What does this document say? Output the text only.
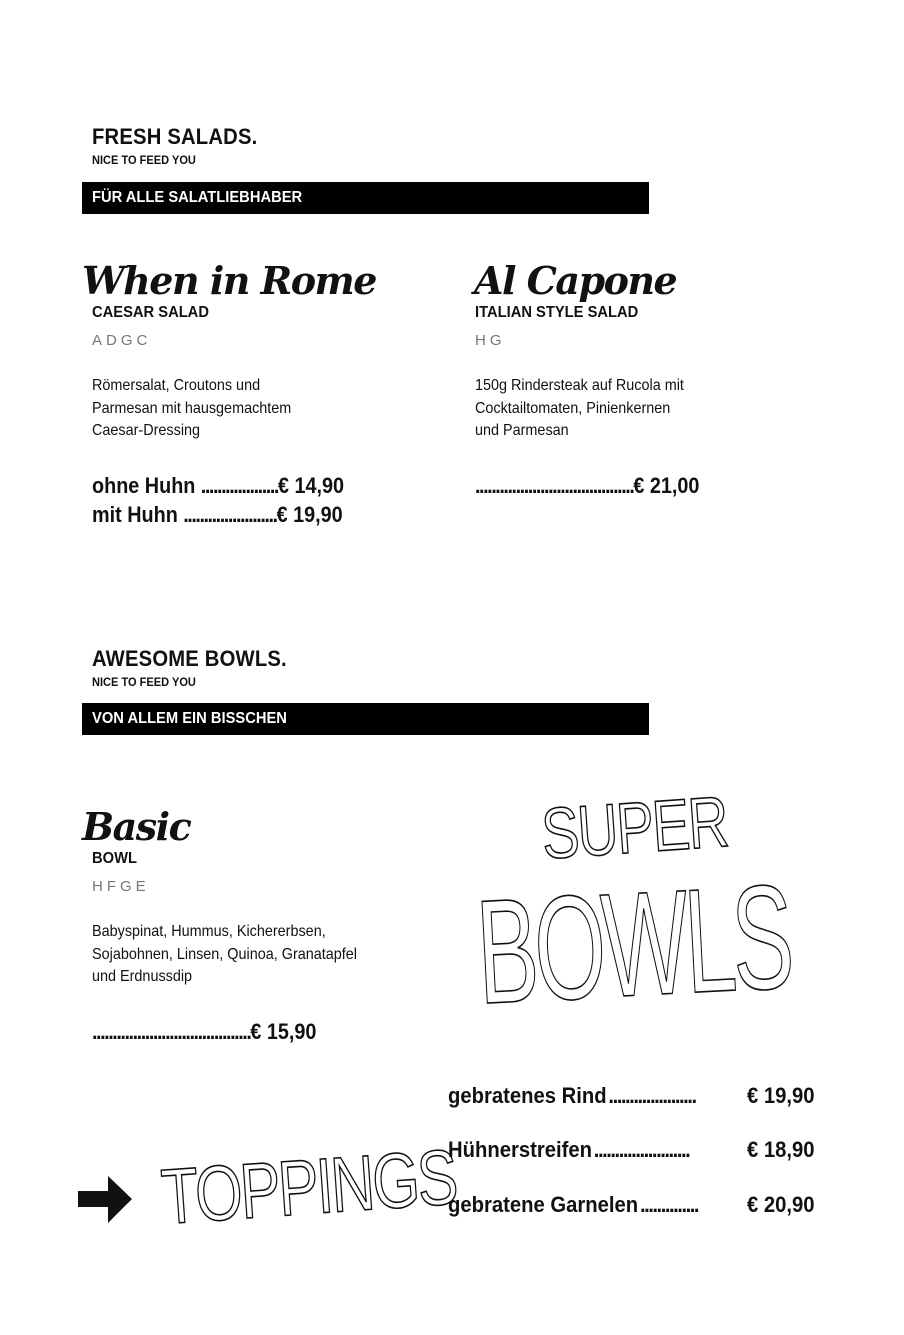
FRESH SALADS.
NICE TO FEED YOU
FÜR ALLE SALATLIEBHABER
When in Rome
CAESAR SALAD
ADGC
Römersalat, Croutons und
Parmesan mit hausgemachtem
Caesar-Dressing
ohne Huhn ................... € 14,90
mit Huhn ....................... € 19,90
Al Capone
ITALIAN STYLE SALAD
HG
150g Rindersteak auf Rucola mit
Cocktailtomaten, Pinienkernen
und Parmesan
....................................... € 21,00
AWESOME BOWLS.
NICE TO FEED YOU
VON ALLEM EIN BISSCHEN
Basic
BOWL
HFGE
Babyspinat, Hummus, Kichererbsen,
Sojabohnen, Linsen, Quinoa, Granatapfel
und Erdnussdip
....................................... € 15,90
SUPER
BOWLS
TOPPINGS
gebratenes Rind ..................... € 19,90
Hühnerstreifen .......................	€ 18,90
gebratene Garnelen .............. € 20,90
